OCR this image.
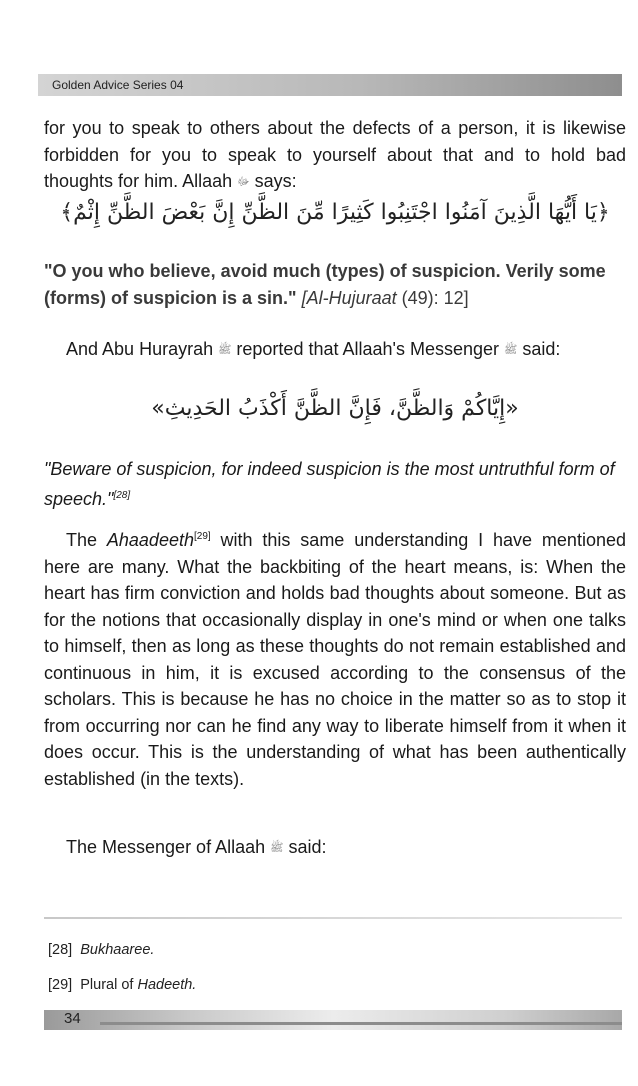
Golden Advice Series 04

for you to speak to others about the defects of a person, it is likewise forbidden for you to speak to yourself about that and to hold bad thoughts for him. Allaah ﷻ says:

﴿يَا أَيُّهَا الَّذِينَ آمَنُوا اجْتَنِبُوا كَثِيرًا مِّنَ الظَّنِّ إِنَّ بَعْضَ الظَّنِّ إِثْمٌ﴾

"O you who believe, avoid much (types) of suspicion. Verily some (forms) of suspicion is a sin." [Al-Hujuraat (49): 12]

And Abu Hurayrah ﷺ reported that Allaah's Messenger ﷺ said:

«إِيَّاكُمْ وَالظَّنَّ، فَإِنَّ الظَّنَّ أَكْذَبُ الحَدِيثِ»

"Beware of suspicion, for indeed suspicion is the most untruthful form of speech."[28]

The Ahaadeeth[29] with this same understanding I have mentioned here are many. What the backbiting of the heart means, is: When the heart has firm conviction and holds bad thoughts about someone. But as for the notions that occasionally display in one's mind or when one talks to himself, then as long as these thoughts do not remain established and continuous in him, it is excused according to the consensus of the scholars. This is because he has no choice in the matter so as to stop it from occurring nor can he find any way to liberate himself from it when it does occur. This is the understanding of what has been authentically established (in the texts).

The Messenger of Allaah ﷺ said:

[28] Bukhaaree.
[29] Plural of Hadeeth.
34
